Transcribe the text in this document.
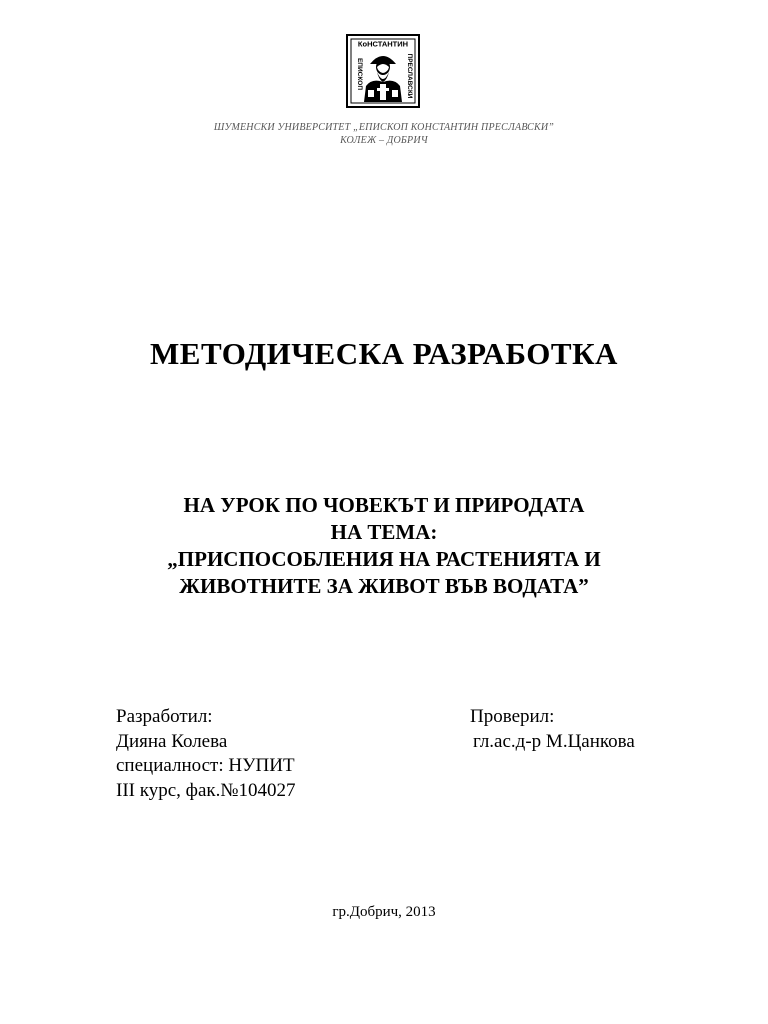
КоНСТАНТИН
ЕПИСКОП	ПРЕСЛАВСКИ
ШУМЕНСКИ УНИВЕРСИТЕТ „ЕПИСКОП КОНСТАНТИН ПРЕСЛАВСКИ”
КОЛЕЖ – ДОБРИЧ
МЕТОДИЧЕСКА РАЗРАБОТКА
НА УРОК ПО ЧОВЕКЪТ И ПРИРОДАТА
НА ТЕМА:
„ПРИСПОСОБЛЕНИЯ НА РАСТЕНИЯТА И
ЖИВОТНИТЕ ЗА ЖИВОТ ВЪВ ВОДАТА”
Разработил:
Дияна Колева
специалност: НУПИТ
III курс, фак.№104027
Проверил:
гл.ас.д-р М.Цанкова
гр.Добрич, 2013
